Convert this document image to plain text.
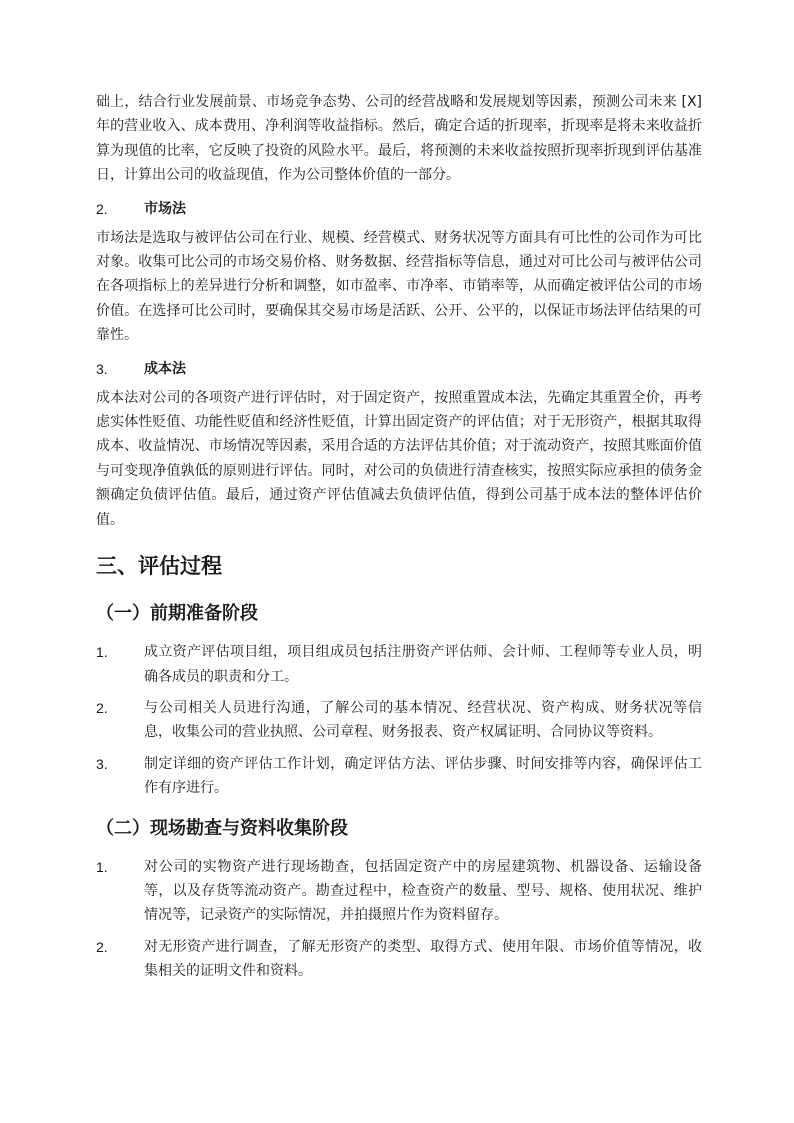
础上，结合行业发展前景、市场竞争态势、公司的经营战略和发展规划等因素，预测公司未来 [X] 年的营业收入、成本费用、净利润等收益指标。然后，确定合适的折现率，折现率是将未来收益折算为现值的比率，它反映了投资的风险水平。最后，将预测的未来收益按照折现率折现到评估基准日，计算出公司的收益现值，作为公司整体价值的一部分。

2.	市场法

市场法是选取与被评估公司在行业、规模、经营模式、财务状况等方面具有可比性的公司作为可比对象。收集可比公司的市场交易价格、财务数据、经营指标等信息，通过对可比公司与被评估公司在各项指标上的差异进行分析和调整，如市盈率、市净率、市销率等，从而确定被评估公司的市场价值。在选择可比公司时，要确保其交易市场是活跃、公开、公平的，以保证市场法评估结果的可靠性。

3.	成本法

成本法对公司的各项资产进行评估时，对于固定资产，按照重置成本法，先确定其重置全价，再考虑实体性贬值、功能性贬值和经济性贬值，计算出固定资产的评估值；对于无形资产，根据其取得成本、收益情况、市场情况等因素，采用合适的方法评估其价值；对于流动资产，按照其账面价值与可变现净值孰低的原则进行评估。同时，对公司的负债进行清查核实，按照实际应承担的债务金额确定负债评估值。最后，通过资产评估值减去负债评估值，得到公司基于成本法的整体评估价值。

三、评估过程
（一）前期准备阶段
1.	成立资产评估项目组，项目组成员包括注册资产评估师、会计师、工程师等专业人员，明确各成员的职责和分工。
2.	与公司相关人员进行沟通，了解公司的基本情况、经营状况、资产构成、财务状况等信息，收集公司的营业执照、公司章程、财务报表、资产权属证明、合同协议等资料。
3.	制定详细的资产评估工作计划，确定评估方法、评估步骤、时间安排等内容，确保评估工作有序进行。
（二）现场勘查与资料收集阶段
1.	对公司的实物资产进行现场勘查，包括固定资产中的房屋建筑物、机器设备、运输设备等，以及存货等流动资产。勘查过程中，检查资产的数量、型号、规格、使用状况、维护情况等，记录资产的实际情况，并拍摄照片作为资料留存。
2.	对无形资产进行调查，了解无形资产的类型、取得方式、使用年限、市场价值等情况，收集相关的证明文件和资料。
